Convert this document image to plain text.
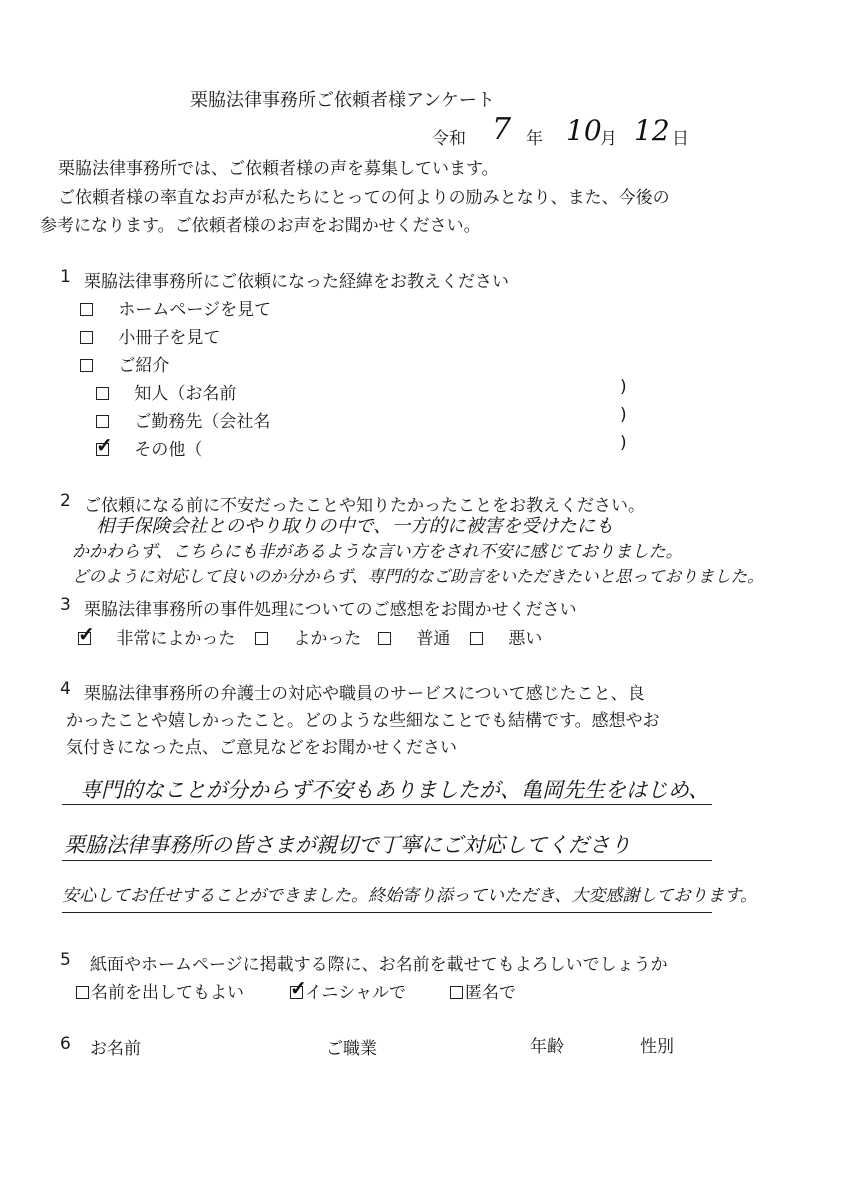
栗脇法律事務所ご依頼者様アンケート
令和 7 年 10
月 12 日
栗脇法律事務所では、ご依頼者様の声を募集しています。
ご依頼者様の率直なお声が私たちにとっての何よりの励みとなり、また、今後の
参考になります。ご依頼者様のお声をお聞かせください。
1 栗脇法律事務所にご依頼になった経緯をお教えください
ホームページを見て
小冊子を見て
ご紹介
知人（お名前	)
ご勤務先（会社名	)
✓ その他（	)
2 ご依頼になる前に不安だったことや知りたかったことをお教えください。
相手保険会社とのやり取りの中で、一方的に被害を受けたにも
かかわらず、こちらにも非があるような言い方をされ不安に感じておりました。
どのように対応して良いのか分からず、専門的なご助言をいただきたいと思っておりました。
3 栗脇法律事務所の事件処理についてのご感想をお聞かせください
✓ 非常によかった	よかった	普通	悪い
4 栗脇法律事務所の弁護士の対応や職員のサービスについて感じたこと、良
かったことや嬉しかったこと。どのような些細なことでも結構です。感想やお
気付きになった点、ご意見などをお聞かせください
専門的なことが分からず不安もありましたが、亀岡先生をはじめ、
栗脇法律事務所の皆さまが親切で丁寧にご対応してくださり
安心してお任せすることができました。終始寄り添っていただき、大変感謝しております。
5 紙面やホームページに掲載する際に、お名前を載せてもよろしいでしょうか
名前を出してもよい ✓
イニシャルで	匿名で
6 お名前	ご職業	年齢	性別
